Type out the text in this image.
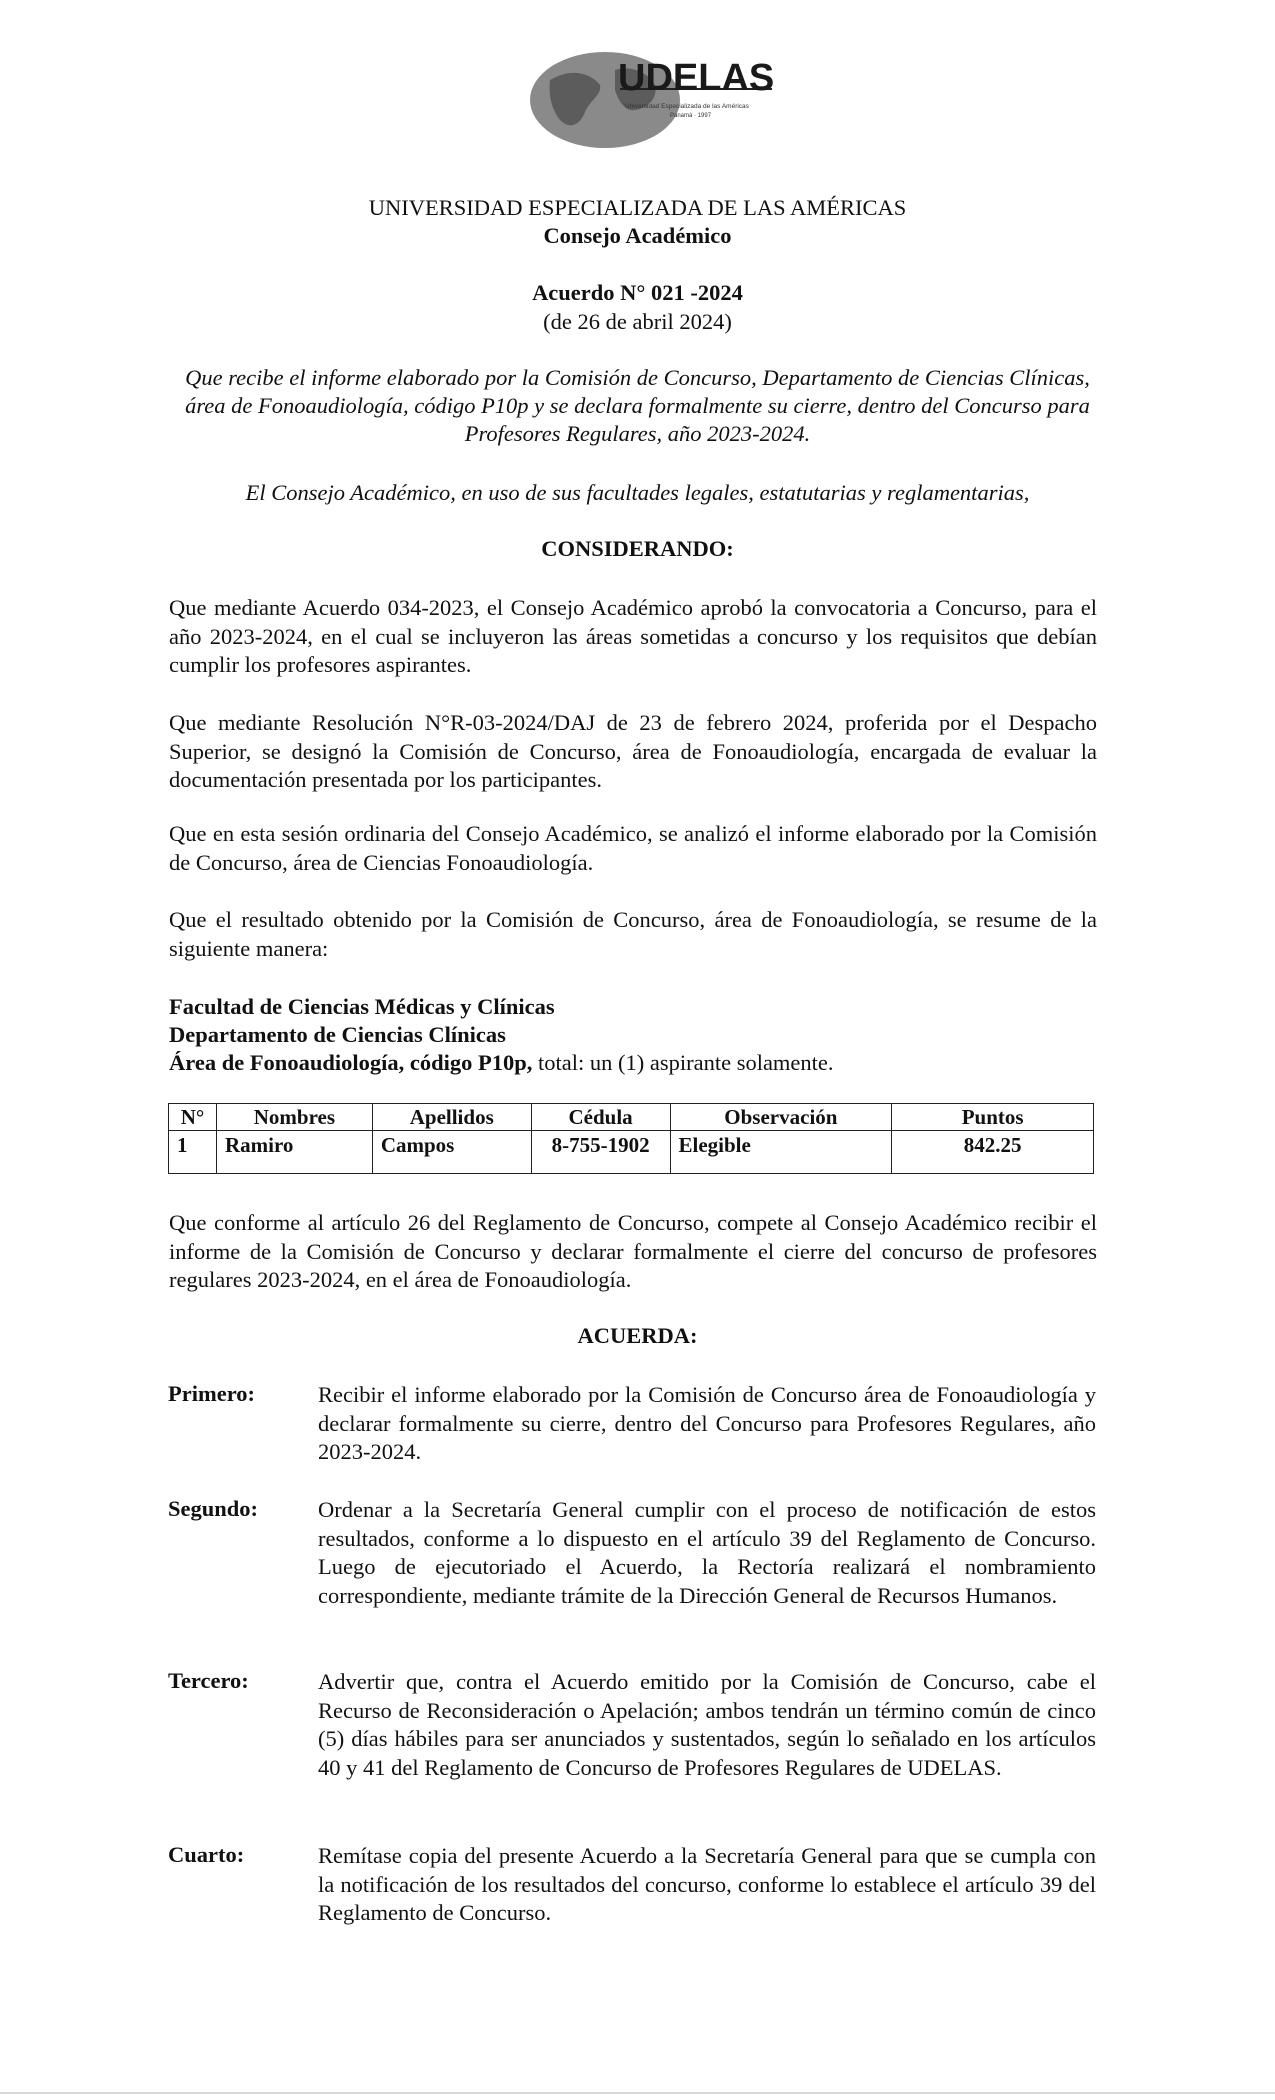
UDELAS
Universidad Especializada de las Américas
Panamá · 1997
UNIVERSIDAD ESPECIALIZADA DE LAS AMÉRICAS
Consejo Académico
Acuerdo N° 021 -2024
(de 26 de abril 2024)
Que recibe el informe elaborado por la Comisión de Concurso, Departamento de Ciencias Clínicas, área de Fonoaudiología, código P10p y se declara formalmente su cierre, dentro del Concurso para Profesores Regulares, año 2023-2024.
El Consejo Académico, en uso de sus facultades legales, estatutarias y reglamentarias,
CONSIDERANDO:
Que mediante Acuerdo 034-2023, el Consejo Académico aprobó la convocatoria a Concurso, para el año 2023-2024, en el cual se incluyeron las áreas sometidas a concurso y los requisitos que debían cumplir los profesores aspirantes.
Que mediante Resolución N°R-03-2024/DAJ de 23 de febrero 2024, proferida por el Despacho Superior, se designó la Comisión de Concurso, área de Fonoaudiología, encargada de evaluar la documentación presentada por los participantes.
Que en esta sesión ordinaria del Consejo Académico, se analizó el informe elaborado por la Comisión de Concurso, área de Ciencias Fonoaudiología.
Que el resultado obtenido por la Comisión de Concurso, área de Fonoaudiología, se resume de la siguiente manera:
Facultad de Ciencias Médicas y Clínicas
Departamento de Ciencias Clínicas
Área de Fonoaudiología, código P10p, total: un (1) aspirante solamente.
N°	Nombres	Apellidos	Cédula	Observación	Puntos
1	Ramiro	Campos	8-755-1902	Elegible	842.25
Que conforme al artículo 26 del Reglamento de Concurso, compete al Consejo Académico recibir el informe de la Comisión de Concurso y declarar formalmente el cierre del concurso de profesores regulares 2023-2024, en el área de Fonoaudiología.
ACUERDA:
Primero:	Recibir el informe elaborado por la Comisión de Concurso área de Fonoaudiología y declarar formalmente su cierre, dentro del Concurso para Profesores Regulares, año 2023-2024.
Segundo:	Ordenar a la Secretaría General cumplir con el proceso de notificación de estos resultados, conforme a lo dispuesto en el artículo 39 del Reglamento de Concurso. Luego de ejecutoriado el Acuerdo, la Rectoría realizará el nombramiento correspondiente, mediante trámite de la Dirección General de Recursos Humanos.
Tercero:	Advertir que, contra el Acuerdo emitido por la Comisión de Concurso, cabe el Recurso de Reconsideración o Apelación; ambos tendrán un término común de cinco (5) días hábiles para ser anunciados y sustentados, según lo señalado en los artículos 40 y 41 del Reglamento de Concurso de Profesores Regulares de UDELAS.
Cuarto:	Remítase copia del presente Acuerdo a la Secretaría General para que se cumpla con la notificación de los resultados del concurso, conforme lo establece el artículo 39 del Reglamento de Concurso.
